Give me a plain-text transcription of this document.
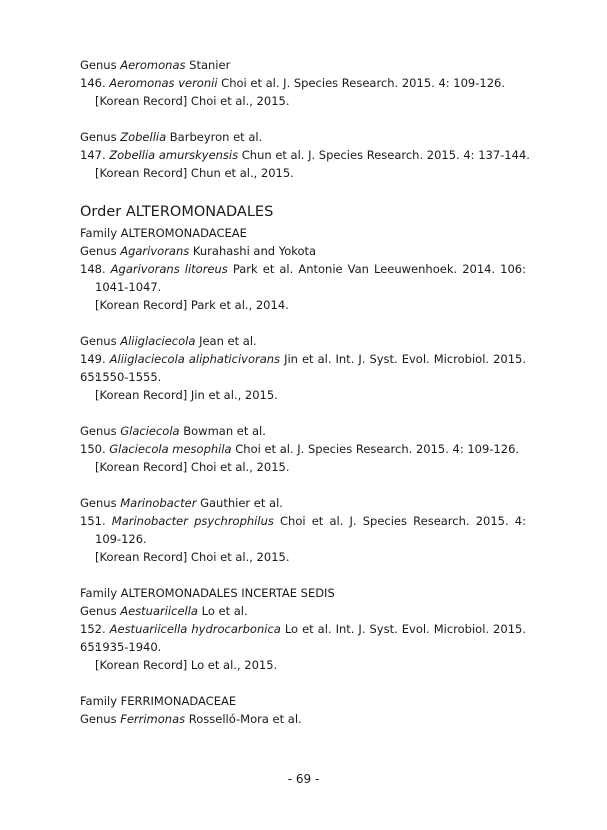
Genus Aeromonas Stanier
146. Aeromonas veronii Choi et al. J. Species Research. 2015. 4: 109-126.
[Korean Record] Choi et al., 2015.
Genus Zobellia Barbeyron et al.
147. Zobellia amurskyensis Chun et al. J. Species Research. 2015. 4: 137-144.
[Korean Record] Chun et al., 2015.
Order ALTEROMONADALES
Family ALTEROMONADACEAE
Genus Agarivorans Kurahashi and Yokota
148. Agarivorans litoreus Park et al. Antonie Van Leeuwenhoek. 2014. 106:
1041-1047.
[Korean Record] Park et al., 2014.
Genus Aliiglaciecola Jean et al.
149. Aliiglaciecola aliphaticivorans Jin et al. Int. J. Syst. Evol. Microbiol. 2015. 65:
1550-1555.
[Korean Record] Jin et al., 2015.
Genus Glaciecola Bowman et al.
150. Glaciecola mesophila Choi et al. J. Species Research. 2015. 4: 109-126.
[Korean Record] Choi et al., 2015.
Genus Marinobacter Gauthier et al.
151. Marinobacter psychrophilus Choi et al. J. Species Research. 2015. 4:
109-126.
[Korean Record] Choi et al., 2015.
Family ALTEROMONADALES INCERTAE SEDIS
Genus Aestuariicella Lo et al.
152. Aestuariicella hydrocarbonica Lo et al. Int. J. Syst. Evol. Microbiol. 2015. 65:
1935-1940.
[Korean Record] Lo et al., 2015.
Family FERRIMONADACEAE
Genus Ferrimonas Rosselló-Mora et al.
- 69 -
